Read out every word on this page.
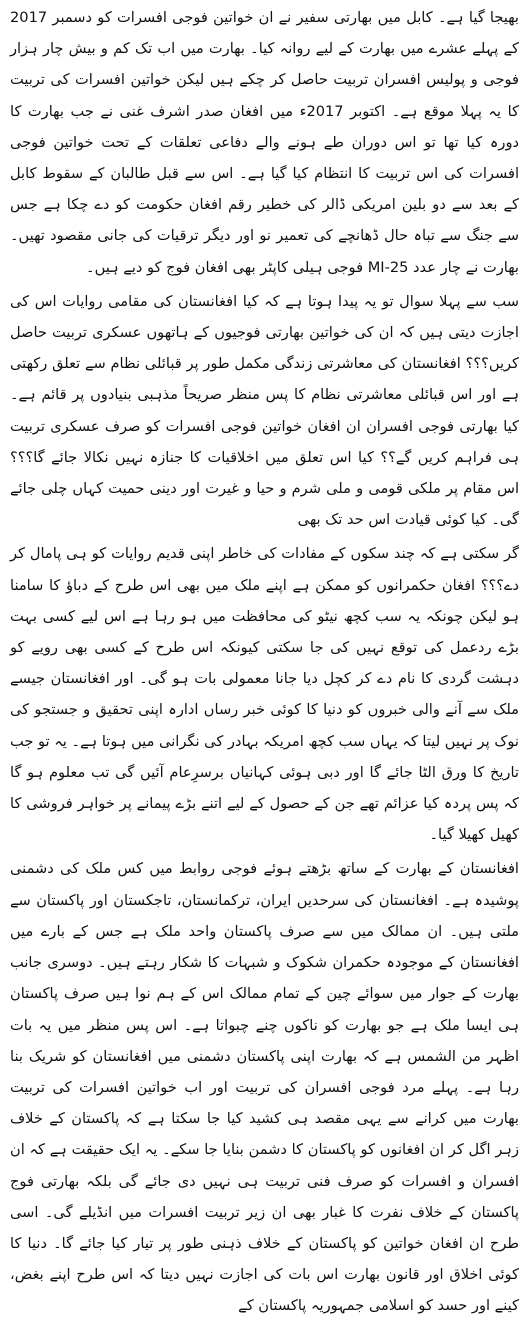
بھیجا گیا ہے۔ کابل میں بھارتی سفیر نے ان خواتین فوجی افسرات کو دسمبر 2017 کے پہلے عشرے میں بھارت کے لیے روانہ کیا۔ بھارت میں اب تک کم و بیش چار ہزار فوجی و پولیس افسران تربیت حاصل کر چکے ہیں لیکن خواتین افسرات کی تربیت کا یہ پہلا موقع ہے۔ اکتوبر 2017ء میں افغان صدر اشرف غنی نے جب بھارت کا دورہ کیا تھا تو اس دوران طے ہونے والے دفاعی تعلقات کے تحت خواتین فوجی افسرات کی اس تربیت کا انتظام کیا گیا ہے۔ اس سے قبل طالبان کے سقوط کابل کے بعد سے دو بلین امریکی ڈالر کی خطیر رقم افغان حکومت کو دے چکا ہے جس سے جنگ سے تباہ حال ڈھانچے کی تعمیر نو اور دیگر ترقیات کی جانی مقصود تھیں۔ بھارت نے چار عدد MI-25 فوجی ہیلی کاپٹر بھی افغان فوج کو دیے ہیں۔

سب سے پہلا سوال تو یہ پیدا ہوتا ہے کہ کیا افغانستان کی مقامی روایات اس کی اجازت دیتی ہیں کہ ان کی خواتین بھارتی فوجیوں کے ہاتھوں عسکری تربیت حاصل کریں؟؟؟ افغانستان کی معاشرتی زندگی مکمل طور پر قبائلی نظام سے تعلق رکھتی ہے اور اس قبائلی معاشرتی نظام کا پس منظر صریحاً مذہبی بنیادوں پر قائم ہے۔ کیا بھارتی فوجی افسران ان افغان خواتین فوجی افسرات کو صرف عسکری تربیت ہی فراہم کریں گے؟؟ کیا اس تعلق میں اخلاقیات کا جنازہ نہیں نکالا جائے گا؟؟؟ اس مقام پر ملکی قومی و ملی شرم و حیا و غیرت اور دینی حمیت کہاں چلی جائے گی۔ کیا کوئی قیادت اس حد تک بھی

گر سکتی ہے کہ چند سکوں کے مفادات کی خاطر اپنی قدیم روایات کو ہی پامال کر دے؟؟؟ افغان حکمرانوں کو ممکن ہے اپنے ملک میں بھی اس طرح کے دباؤ کا سامنا ہو لیکن چونکہ یہ سب کچھ نیٹو کی محافظت میں ہو رہا ہے اس لیے کسی بہت بڑے ردعمل کی توقع نہیں کی جا سکتی کیونکہ اس طرح کے کسی بھی رویے کو دہشت گردی کا نام دے کر کچل دیا جانا معمولی بات ہو گی۔ اور افغانستان جیسے ملک سے آنے والی خبروں کو دنیا کا کوئی خبر رساں ادارہ اپنی تحقیق و جستجو کی نوک پر نہیں لیتا کہ یہاں سب کچھ امریکہ بہادر کی نگرانی میں ہوتا ہے۔ یہ تو جب تاریخ کا ورق الٹا جائے گا اور دبی ہوئی کہانیاں برسرِعام آئیں گی تب معلوم ہو گا کہ پس پردہ کیا عزائم تھے جن کے حصول کے لیے اتنے بڑے پیمانے پر خواہر فروشی کا کھیل کھیلا گیا۔

افغانستان کے بھارت کے ساتھ بڑھتے ہوئے فوجی روابط میں کس ملک کی دشمنی پوشیدہ ہے۔ افغانستان کی سرحدیں ایران، ترکمانستان، تاجکستان اور پاکستان سے ملتی ہیں۔ ان ممالک میں سے صرف پاکستان واحد ملک ہے جس کے بارے میں افغانستان کے موجودہ حکمران شکوک و شبہات کا شکار رہتے ہیں۔ دوسری جانب بھارت کے جوار میں سوائے چین کے تمام ممالک اس کے ہم نوا ہیں صرف پاکستان ہی ایسا ملک ہے جو بھارت کو ناکوں چنے چبواتا ہے۔ اس پس منظر میں یہ بات اظہر من الشمس ہے کہ بھارت اپنی پاکستان دشمنی میں افغانستان کو شریک بنا رہا ہے۔ پہلے مرد فوجی افسران کی تربیت اور اب خواتین افسرات کی تربیت بھارت میں کرانے سے یہی مقصد ہی کشید کیا جا سکتا ہے کہ پاکستان کے خلاف زہر اگل کر ان افغانوں کو پاکستان کا دشمن بنایا جا سکے۔ یہ ایک حقیقت ہے کہ ان افسران و افسرات کو صرف فنی تربیت ہی نہیں دی جائے گی بلکہ بھارتی فوج پاکستان کے خلاف نفرت کا غبار بھی ان زیر تربیت افسرات میں انڈیلے گی۔ اسی طرح ان افغان خواتین کو پاکستان کے خلاف ذہنی طور پر تیار کیا جائے گا۔ دنیا کا کوئی اخلاق اور قانون بھارت اس بات کی اجازت نہیں دیتا کہ اس طرح اپنے بغض، کینے اور حسد کو اسلامی جمہوریہ پاکستان کے
